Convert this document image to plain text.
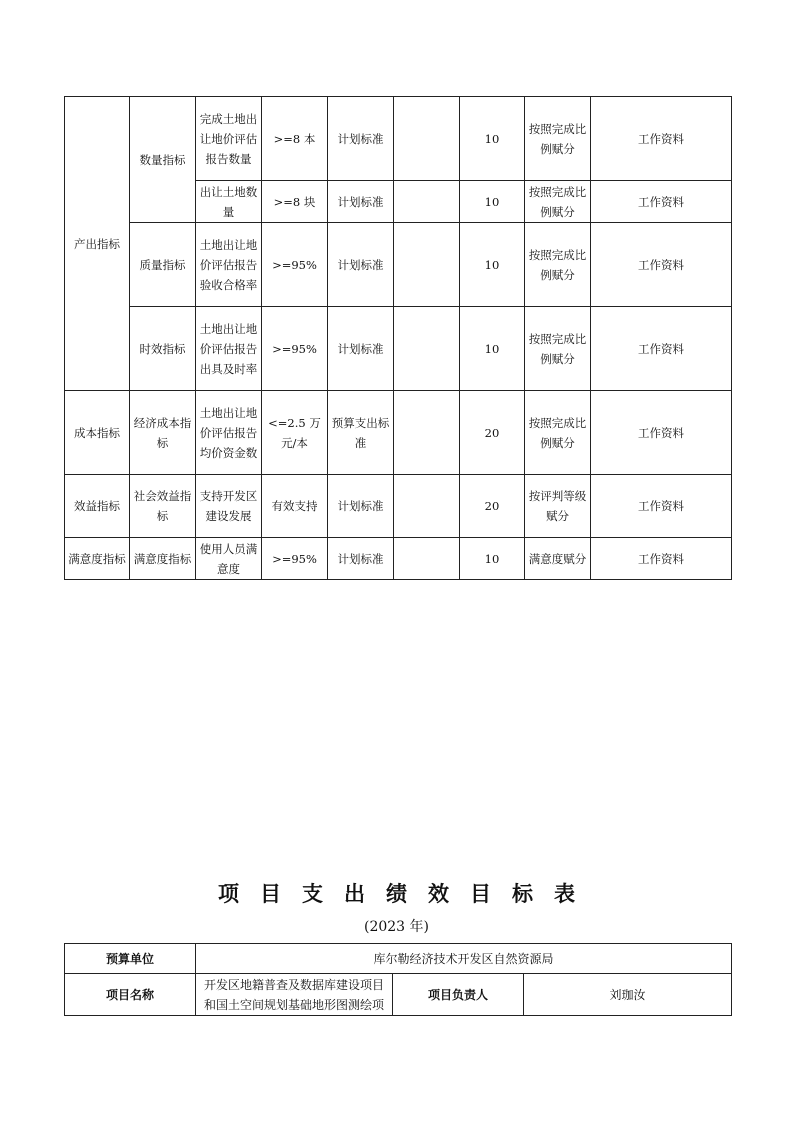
产出指标	数量指标	完成土地出让地价评估报告数量	>=8 本	计划标准		10	按照完成比例赋分	工作资料
		出让土地数量	>=8 块	计划标准		10	按照完成比例赋分	工作资料
	质量指标	土地出让地价评估报告验收合格率	>=95%	计划标准		10	按照完成比例赋分	工作资料
	时效指标	土地出让地价评估报告出具及时率	>=95%	计划标准		10	按照完成比例赋分	工作资料
成本指标	经济成本指标	土地出让地价评估报告均价资金数	<=2.5 万元/本	预算支出标准		20	按照完成比例赋分	工作资料
效益指标	社会效益指标	支持开发区建设发展	有效支持	计划标准		20	按评判等级赋分	工作资料
满意度指标	满意度指标	使用人员满意度	>=95%	计划标准		10	满意度赋分	工作资料
项目支出绩效目标表
(2023 年)
预算单位	库尔勒经济技术开发区自然资源局		
项目名称	开发区地籍普查及数据库建设项目和国土空间规划基础地形图测绘项	项目负责人	刘珈汝
